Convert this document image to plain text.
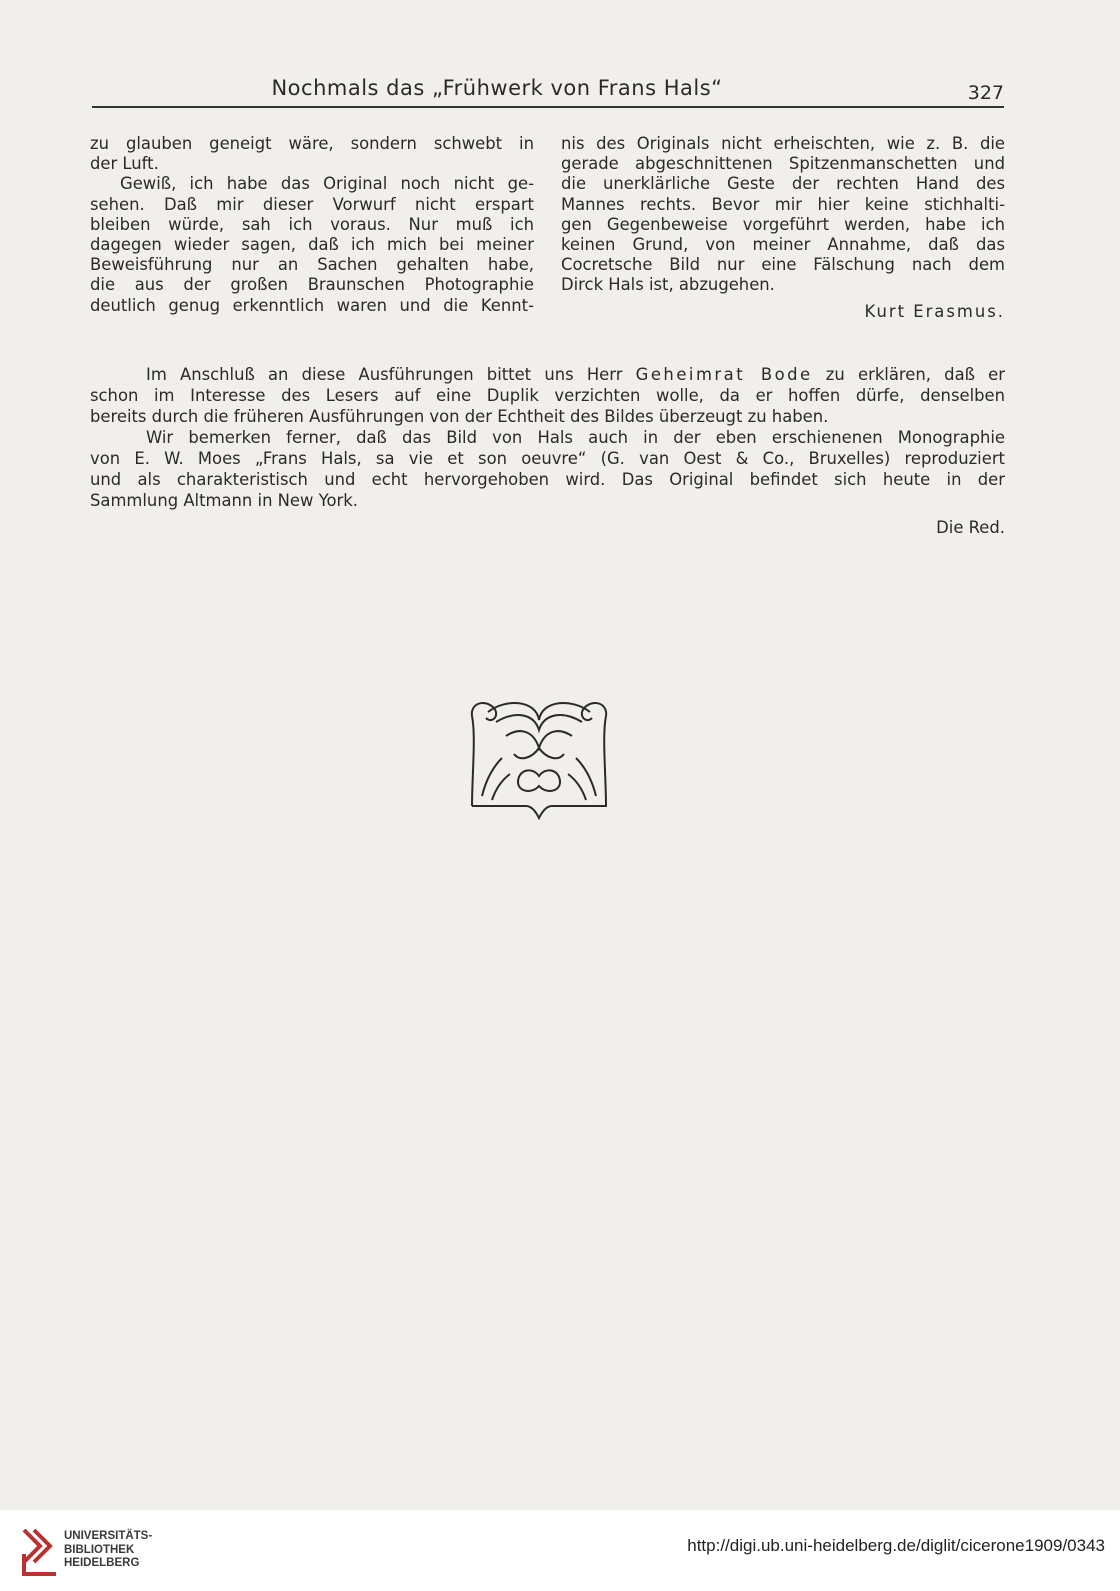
Nochmals das „Frühwerk von Frans Hals“	327

zu glauben geneigt wäre, sondern schwebt in
der Luft.

Gewiß, ich habe das Original noch nicht ge-
sehen. Daß mir dieser Vorwurf nicht erspart
bleiben würde, sah ich voraus. Nur muß ich
dagegen wieder sagen, daß ich mich bei meiner
Beweisführung nur an Sachen gehalten habe,
die aus der großen Braunschen Photographie
deutlich genug erkenntlich waren und die Kennt-

nis des Originals nicht erheischten, wie z. B. die
gerade abgeschnittenen Spitzenmanschetten und
die unerklärliche Geste der rechten Hand des
Mannes rechts. Bevor mir hier keine stichhalti-
gen Gegenbeweise vorgeführt werden, habe ich
keinen Grund, von meiner Annahme, daß das
Cocretsche Bild nur eine Fälschung nach dem
Dirck Hals ist, abzugehen.

Kurt Erasmus.

Im Anschluß an diese Ausführungen bittet uns Herr Geheimrat Bode zu erklären, daß er
schon im Interesse des Lesers auf eine Duplik verzichten wolle, da er hoffen dürfe, denselben
bereits durch die früheren Ausführungen von der Echtheit des Bildes überzeugt zu haben.

Wir bemerken ferner, daß das Bild von Hals auch in der eben erschienenen Monographie
von E. W. Moes „Frans Hals, sa vie et son oeuvre“ (G. van Oest & Co., Bruxelles) reproduziert
und als charakteristisch und echt hervorgehoben wird. Das Original befindet sich heute in der
Sammlung Altmann in New York.

Die Red.
UNIVERSITÄTS-
BIBLIOTHEK
HEIDELBERG
http://digi.ub.uni-heidelberg.de/diglit/cicerone1909/0343
